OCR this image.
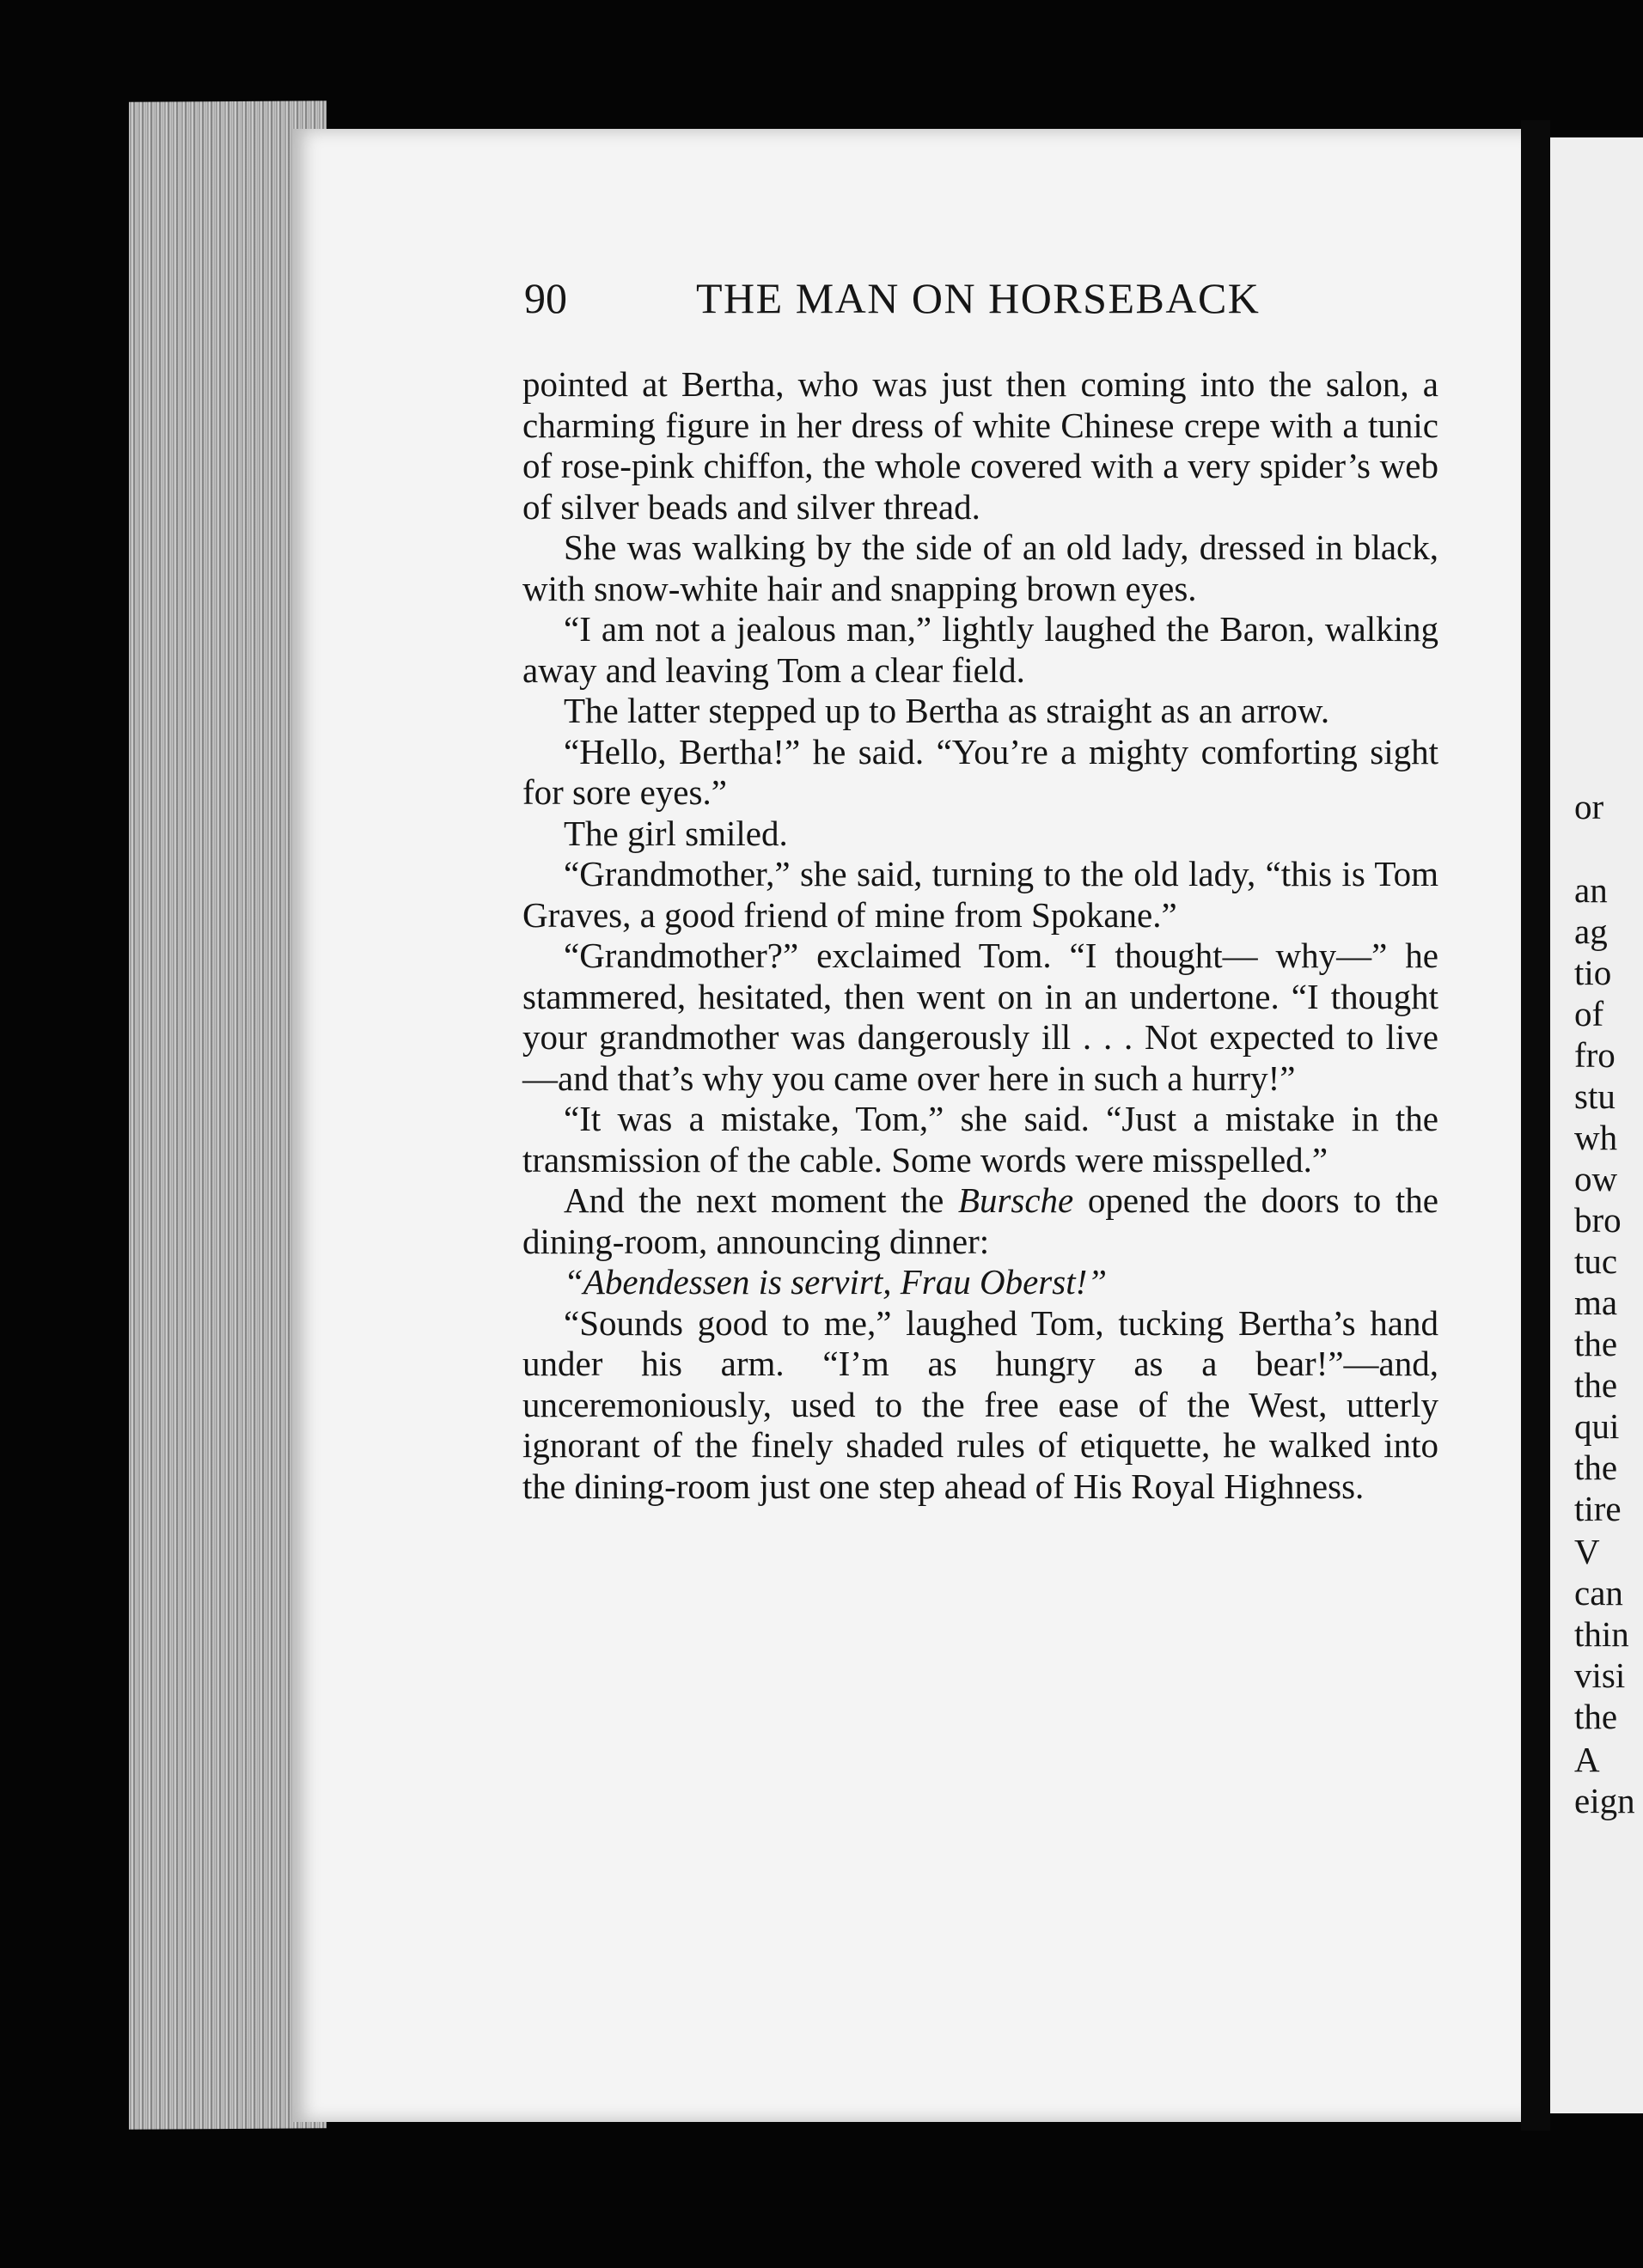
90	THE MAN ON HORSEBACK

pointed at Bertha, who was just then coming into the salon, a charming figure in her dress of white Chinese crepe with a tunic of rose-pink chiffon, the whole covered with a very spider’s web of silver beads and silver thread.

She was walking by the side of an old lady, dressed in black, with snow-white hair and snapping brown eyes.

“I am not a jealous man,” lightly laughed the Baron, walking away and leaving Tom a clear field.

The latter stepped up to Bertha as straight as an arrow.

“Hello, Bertha!” he said. “You’re a mighty comforting sight for sore eyes.”

The girl smiled.

“Grandmother,” she said, turning to the old lady, “this is Tom Graves, a good friend of mine from Spokane.”

“Grandmother?” exclaimed Tom. “I thought— why—” he stammered, hesitated, then went on in an undertone. “I thought your grandmother was dangerously ill . . . Not expected to live—and that’s why you came over here in such a hurry!”

“It was a mistake, Tom,” she said. “Just a mistake in the transmission of the cable. Some words were misspelled.”

And the next moment the Bursche opened the doors to the dining-room, announcing dinner:

“Abendessen is servirt, Frau Oberst!”

“Sounds good to me,” laughed Tom, tucking Bertha’s hand under his arm. “I’m as hungry as a bear!”—and, unceremoniously, used to the free ease of the West, utterly ignorant of the finely shaded rules of etiquette, he walked into the dining-room just one step ahead of His Royal Highness.

or
an
ag
tio
of
fro
stu
wh
ow
bro
tuc
ma
the
the
qui
the
tire
V
can
thin
visi
the
A
eign
